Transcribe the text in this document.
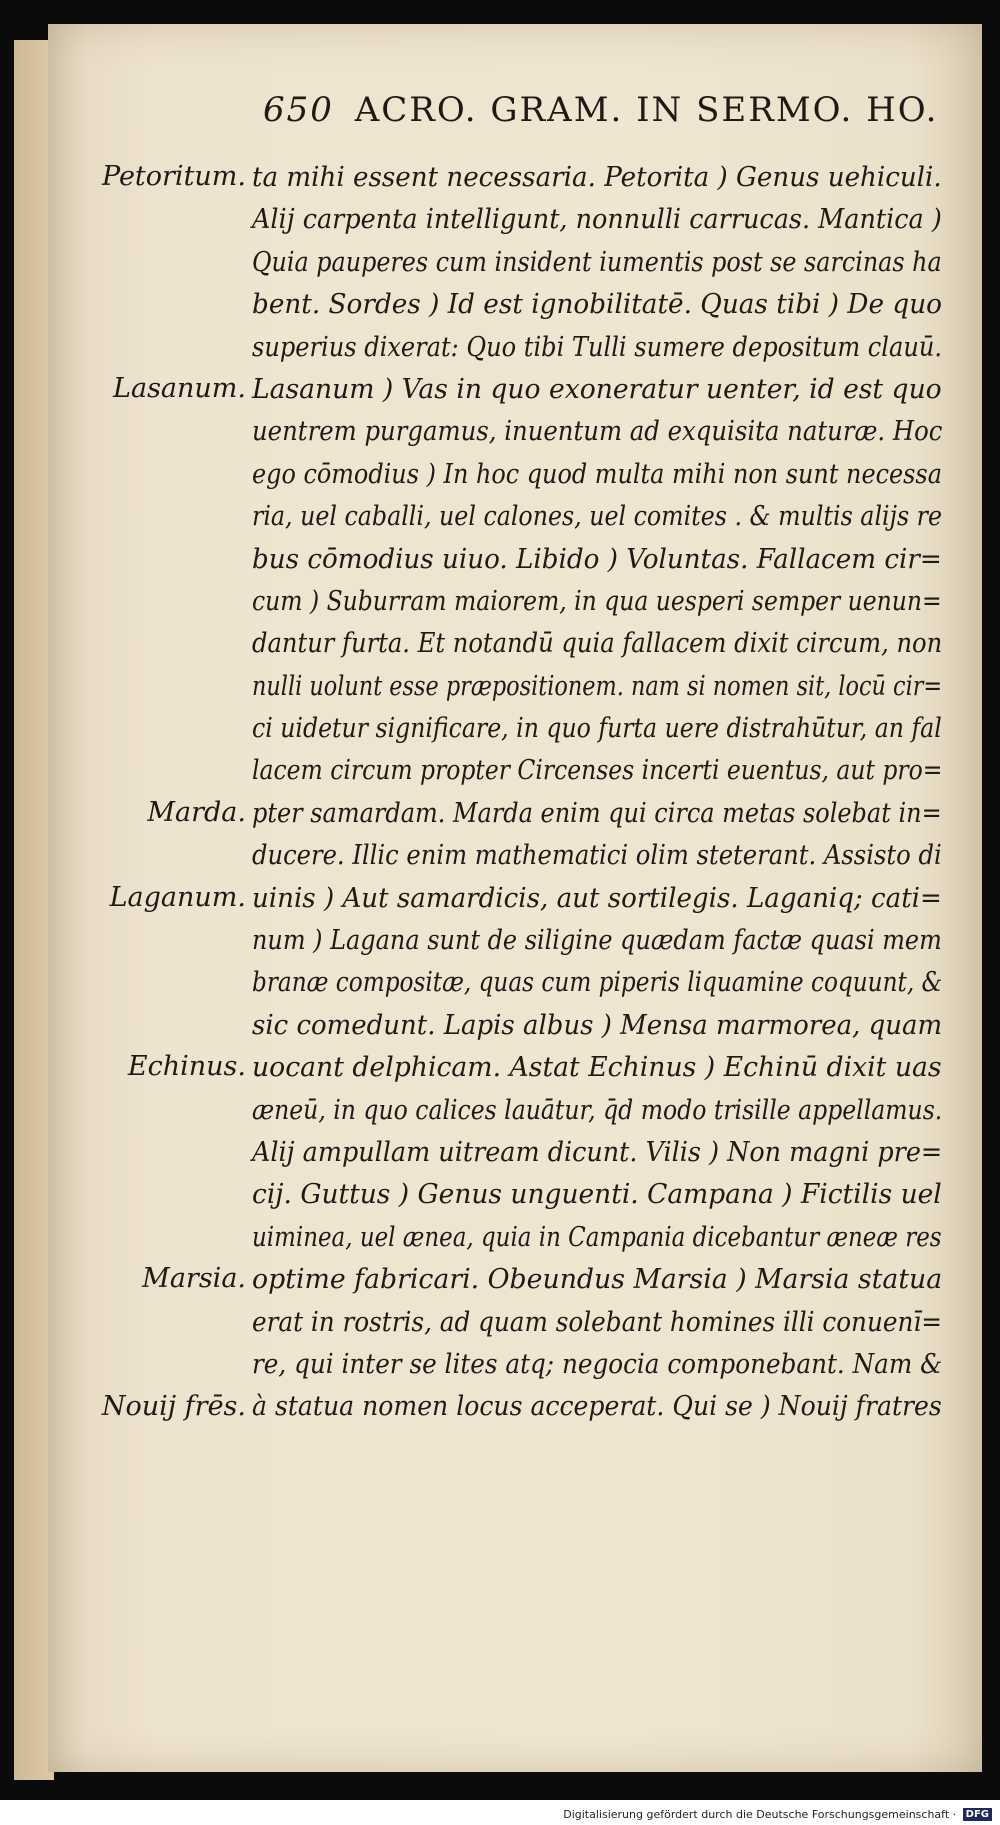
650 ACRO. GRAM. IN SERMO. HO.
ta mihi essent necessaria. Petorita ) Genus uehiculi.
Alij carpenta intelligunt, nonnulli carrucas. Mantica )
Quia pauperes cum insident iumentis post se sarcinas ha
bent. Sordes ) Id est ignobilitatē. Quas tibi ) De quo
superius dixerat: Quo tibi Tulli sumere depositum clauū.
Lasanum ) Vas in quo exoneratur uenter, id est quo
uentrem purgamus, inuentum ad exquisita naturæ. Hoc
ego cōmodius ) In hoc quod multa mihi non sunt necessa
ria, uel caballi, uel calones, uel comites . & multis alijs re
bus cōmodius uiuo. Libido ) Voluntas. Fallacem cir=
cum ) Suburram maiorem, in qua uesperi semper uenun=
dantur furta. Et notandū quia fallacem dixit circum, non
nulli uolunt esse præpositionem. nam si nomen sit, locū cir=
ci uidetur significare, in quo furta uere distrahūtur, an fal
lacem circum propter Circenses incerti euentus, aut pro=
pter samardam. Marda enim qui circa metas solebat in=
ducere. Illic enim mathematici olim steterant. Assisto di
uinis ) Aut samardicis, aut sortilegis. Laganiq; cati=
num ) Lagana sunt de siligine quædam factæ quasi mem
branæ compositæ, quas cum piperis liquamine coquunt, &
sic comedunt. Lapis albus ) Mensa marmorea, quam
uocant delphicam. Astat Echinus ) Echinū dixit uas
æneū, in quo calices lauātur, q̄d modo trisille appellamus.
Alij ampullam uitream dicunt. Vilis ) Non magni pre=
cij. Guttus ) Genus unguenti. Campana ) Fictilis uel
uiminea, uel ænea, quia in Campania dicebantur æneæ res
optime fabricari. Obeundus Marsia ) Marsia statua
erat in rostris, ad quam solebant homines illi conuenī=
re, qui inter se lites atq; negocia componebant. Nam &
à statua nomen locus acceperat. Qui se ) Nouij fratres
Petoritum.
Lasanum.
Marda.
Laganum.
Echinus.
Marsia.
Nouij frēs.
Digitalisierung gefördert durch die Deutsche Forschungsgemeinschaft · DFG
